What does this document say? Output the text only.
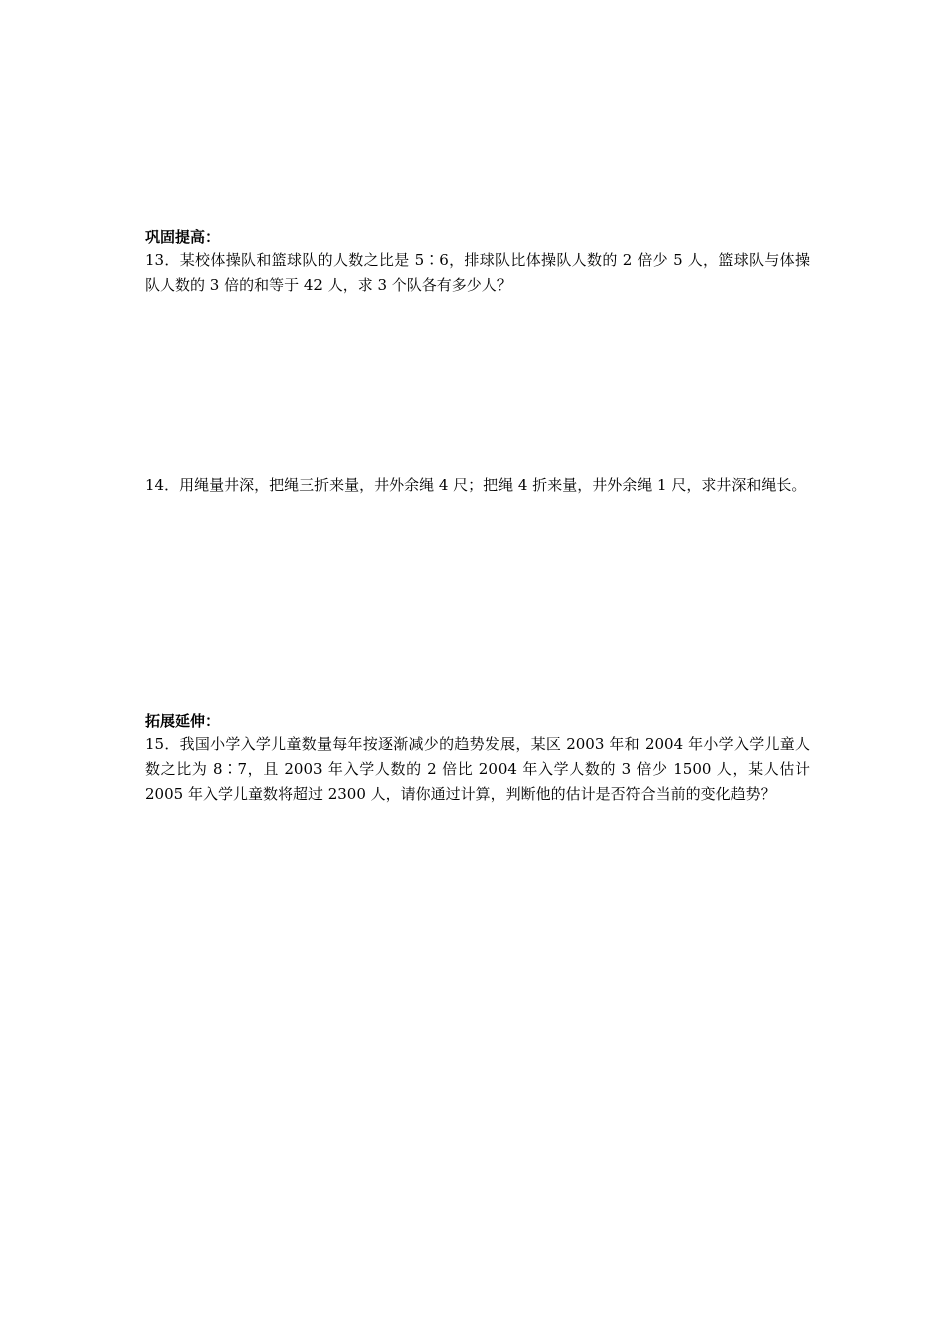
巩固提高：

13．某校体操队和篮球队的人数之比是 5∶6，排球队比体操队人数的 2 倍少 5 人，篮球队与体操队人数的 3 倍的和等于 42 人，求 3 个队各有多少人？

14．用绳量井深，把绳三折来量，井外余绳 4 尺；把绳 4 折来量，井外余绳 1 尺，求井深和绳长。

拓展延伸：

15．我国小学入学儿童数量每年按逐渐减少的趋势发展，某区 2003 年和 2004 年小学入学儿童人数之比为 8∶7，且 2003 年入学人数的 2 倍比 2004 年入学人数的 3 倍少 1500 人，某人估计 2005 年入学儿童数将超过 2300 人，请你通过计算，判断他的估计是否符合当前的变化趋势？
